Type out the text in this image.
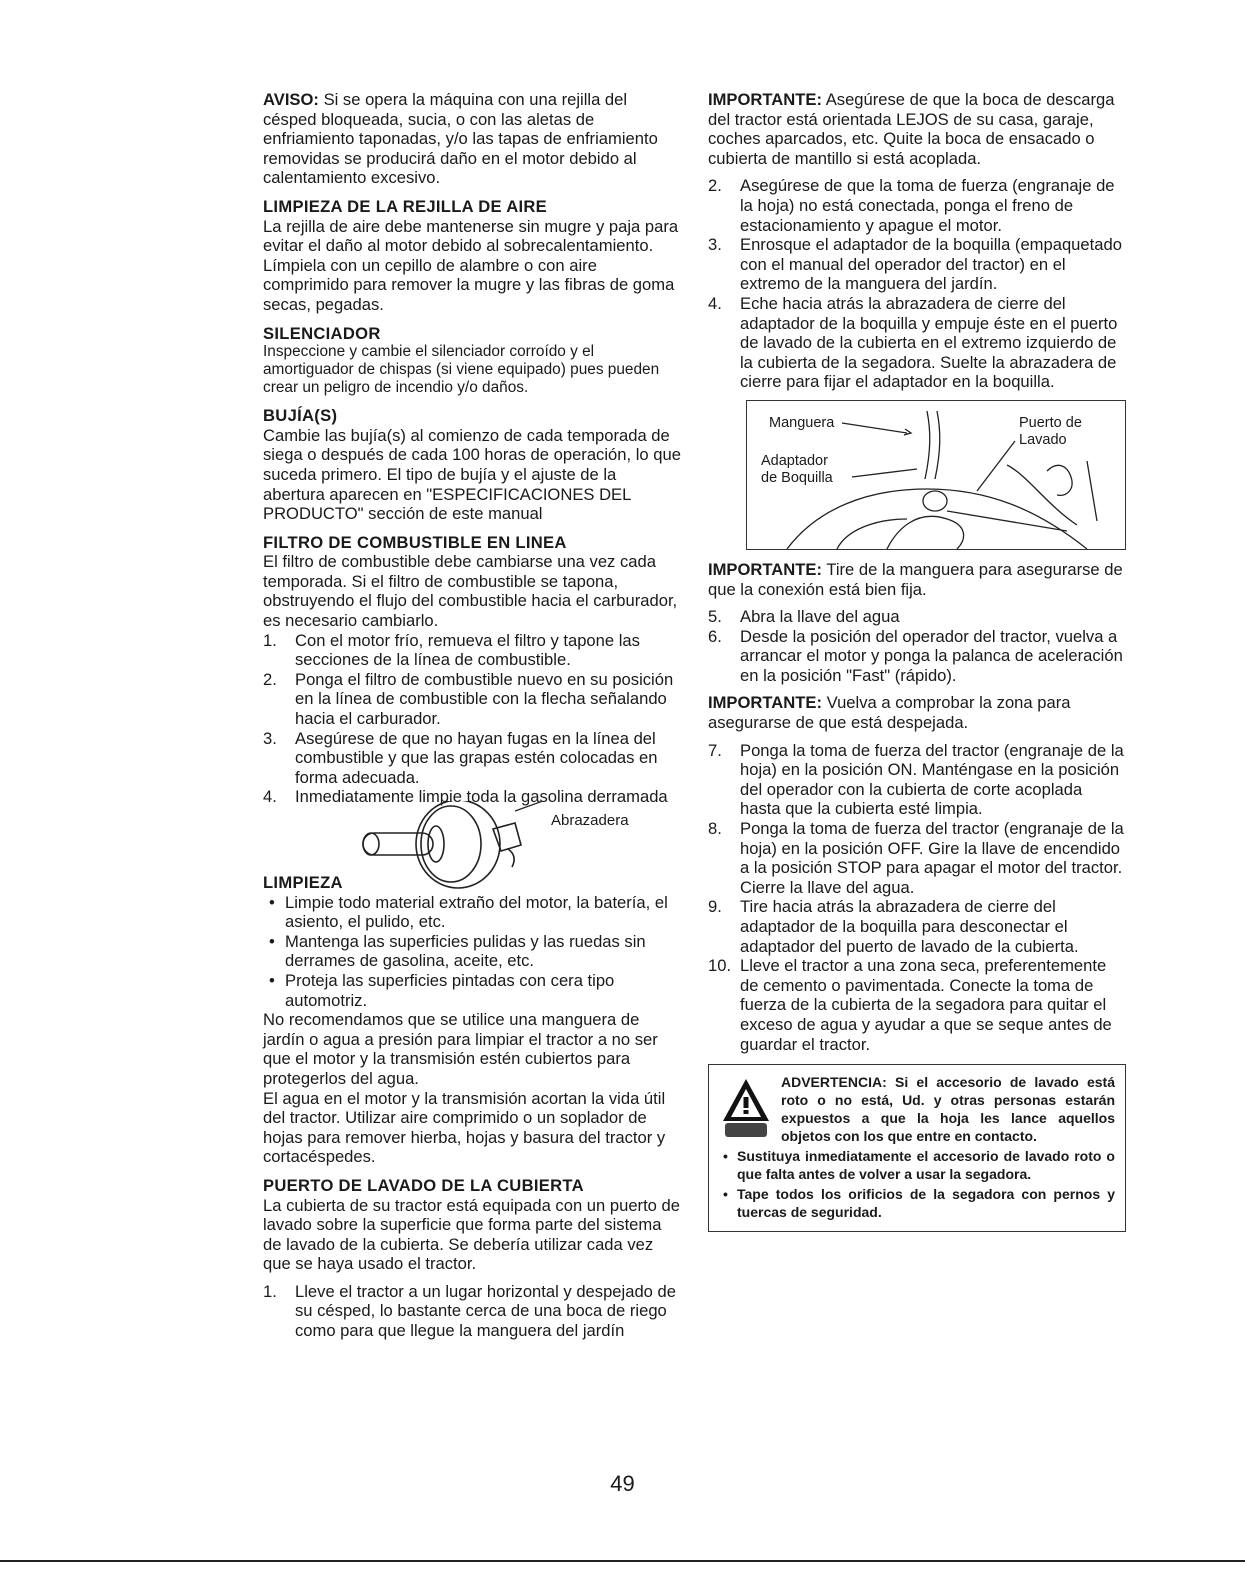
AVISO: Si se opera la máquina con una rejilla del césped bloqueada, sucia, o con las aletas de enfriamiento taponadas, y/o las tapas de enfriamiento removidas se producirá daño en el motor debido al calentamiento excesivo.

LIMPIEZA DE LA REJILLA DE AIRE

La rejilla de aire debe mantenerse sin mugre y paja para evitar el daño al motor debido al sobrecalentamiento. Límpiela con un cepillo de alambre o con aire comprimido para remover la mugre y las fibras de goma secas, pegadas.

SILENCIADOR

Inspeccione y cambie el silenciador corroído y el amortiguador de chispas (si viene equipado) pues pueden crear un peligro de incendio y/o daños.

BUJÍA(S)

Cambie las bujía(s) al comienzo de cada temporada de siega o después de cada 100 horas de operación, lo que suceda primero. El tipo de bujía y el ajuste de la abertura aparecen en "ESPECIFICACIONES DEL PRODUCTO" sección de este manual

FILTRO DE COMBUSTIBLE EN LINEA

El filtro de combustible debe cambiarse una vez cada temporada. Si el filtro de combustible se tapona, obstruyendo el flujo del combustible hacia el carburador, es necesario cambiarlo.

1. Con el motor frío, remueva el filtro y tapone las secciones de la línea de combustible.
2. Ponga el filtro de combustible nuevo en su posición en la línea de combustible con la flecha señalando hacia el carburador.
3. Asegúrese de que no hayan fugas en la línea del combustible y que las grapas estén colocadas en forma adecuada.
4. Inmediatamente limpie toda la gasolina derramada
Abrazadera

LIMPIEZA

• Limpie todo material extraño del motor, la batería, el asiento, el pulido, etc.
• Mantenga las superficies pulidas y las ruedas sin derrames de gasolina, aceite, etc.
• Proteja las superficies pintadas con cera tipo automotriz.

No recomendamos que se utilice una manguera de jardín o agua a presión para limpiar el tractor a no ser que el motor y la transmisión estén cubiertos para protegerlos del agua.

El agua en el motor y la transmisión acortan la vida útil del tractor. Utilizar aire comprimido o un soplador de hojas para remover hierba, hojas y basura del tractor y cortacéspedes.

PUERTO DE LAVADO DE LA CUBIERTA

La cubierta de su tractor está equipada con un puerto de lavado sobre la superficie que forma parte del sistema de lavado de la cubierta. Se debería utilizar cada vez que se haya usado el tractor.

1. Lleve el tractor a un lugar horizontal y despejado de su césped, lo bastante cerca de una boca de riego como para que llegue la manguera del jardín

IMPORTANTE: Asegúrese de que la boca de descarga del tractor está orientada LEJOS de su casa, garaje, coches aparcados, etc. Quite la boca de ensacado o cubierta de mantillo si está acoplada.

2. Asegúrese de que la toma de fuerza (engranaje de la hoja) no está conectada, ponga el freno de estacionamiento y apague el motor.
3. Enrosque el adaptador de la boquilla (empaquetado con el manual del operador del tractor) en el extremo de la manguera del jardín.
4. Eche hacia atrás la abrazadera de cierre del adaptador de la boquilla y empuje éste en el puerto de lavado de la cubierta en el extremo izquierdo de la cubierta de la segadora. Suelte la abrazadera de cierre para fijar el adaptador en la boquilla.
Manguera
Adaptador
de Boquilla
Puerto de
Lavado

IMPORTANTE: Tire de la manguera para asegurarse de que la conexión está bien fija.

5. Abra la llave del agua
6. Desde la posición del operador del tractor, vuelva a arrancar el motor y ponga la palanca de aceleración en la posición "Fast" (rápido).

IMPORTANTE: Vuelva a comprobar la zona para asegurarse de que está despejada.

7. Ponga la toma de fuerza del tractor (engranaje de la hoja) en la posición ON. Manténgase en la posición del operador con la cubierta de corte acoplada hasta que la cubierta esté limpia.
8. Ponga la toma de fuerza del tractor (engranaje de la hoja) en la posición OFF. Gire la llave de encendido a la posición STOP para apagar el motor del tractor. Cierre la llave del agua.
9. Tire hacia atrás la abrazadera de cierre del adaptador de la boquilla para desconectar el adaptador del puerto de lavado de la cubierta.
10. Lleve el tractor a una zona seca, preferentemente de cemento o pavimentada. Conecte la toma de fuerza de la cubierta de la segadora para quitar el exceso de agua y ayudar a que se seque antes de guardar el tractor.
ADVERTENCIA: Si el accesorio de lavado está roto o no está, Ud. y otras personas estarán expuestos a que la hoja les lance aquellos objetos con los que entre en contacto.
• Sustituya inmediatamente el accesorio de lavado roto o que falta antes de volver a usar la segadora.
• Tape todos los orificios de la segadora con pernos y tuercas de seguridad.
49
